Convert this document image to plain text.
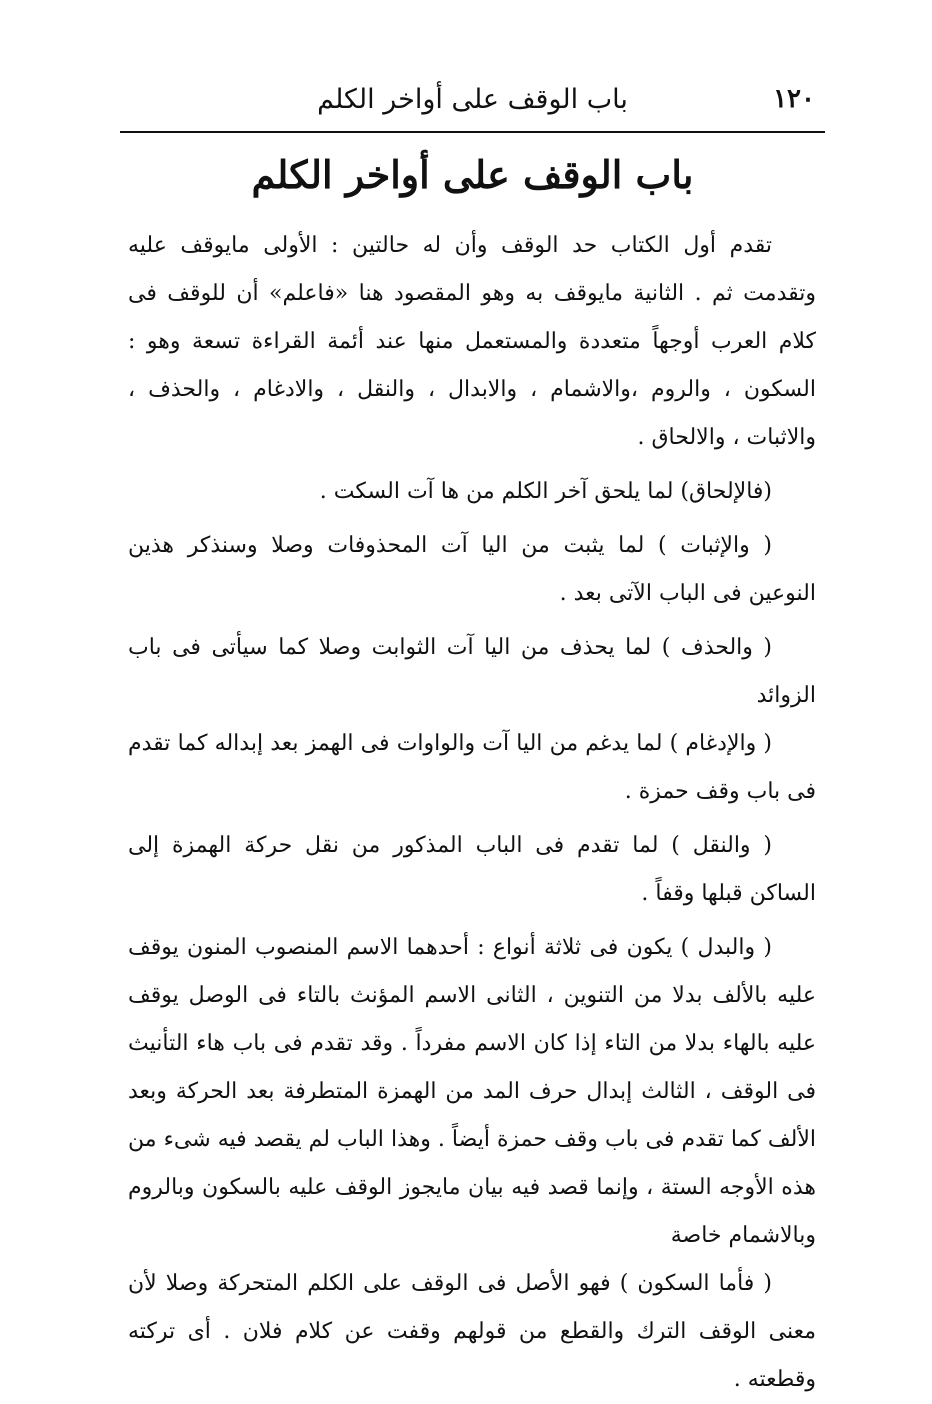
١٢٠
باب الوقف على أواخر الكلم
باب الوقف على أواخر الكلم

تقدم أول الكتاب حد الوقف وأن له حالتين : الأولى مايوقف عليه وتقدمت ثم . الثانية مايوقف به وهو المقصود هنا «فاعلم» أن للوقف فى كلام العرب أوجهاً متعددة والمستعمل منها عند أئمة القراءة تسعة وهو : السكون ، والروم ،والاشمام ، والابدال ، والنقل ، والادغام ، والحذف ، والاثبات ، والالحاق .

(فالإلحاق) لما يلحق آخر الكلم من ها آت السكت .

( والإثبات ) لما يثبت من اليا آت المحذوفات وصلا وسنذكر هذين النوعين فى الباب الآتى بعد .

( والحذف ) لما يحذف من اليا آت الثوابت وصلا كما سيأتى فى باب الزوائد

( والإدغام ) لما يدغم من اليا آت والواوات فى الهمز بعد إبداله كما تقدم فى باب وقف حمزة .

( والنقل ) لما تقدم فى الباب المذكور من نقل حركة الهمزة إلى الساكن قبلها وقفاً .

( والبدل ) يكون فى ثلاثة أنواع : أحدهما الاسم المنصوب المنون يوقف عليه بالألف بدلا من التنوين ، الثانى الاسم المؤنث بالتاء فى الوصل يوقف عليه بالهاء بدلا من التاء إذا كان الاسم مفرداً . وقد تقدم فى باب هاء التأنيث فى الوقف ، الثالث إبدال حرف المد من الهمزة المتطرفة بعد الحركة وبعد الألف كما تقدم فى باب وقف حمزة أيضاً . وهذا الباب لم يقصد فيه شىء من هذه الأوجه الستة ، وإنما قصد فيه بيان مايجوز الوقف عليه بالسكون وبالروم وبالاشمام خاصة

( فأما السكون ) فهو الأصل فى الوقف على الكلم المتحركة وصلا لأن معنى الوقف الترك والقطع من قولهم وقفت عن كلام فلان . أى تركته وقطعته .
